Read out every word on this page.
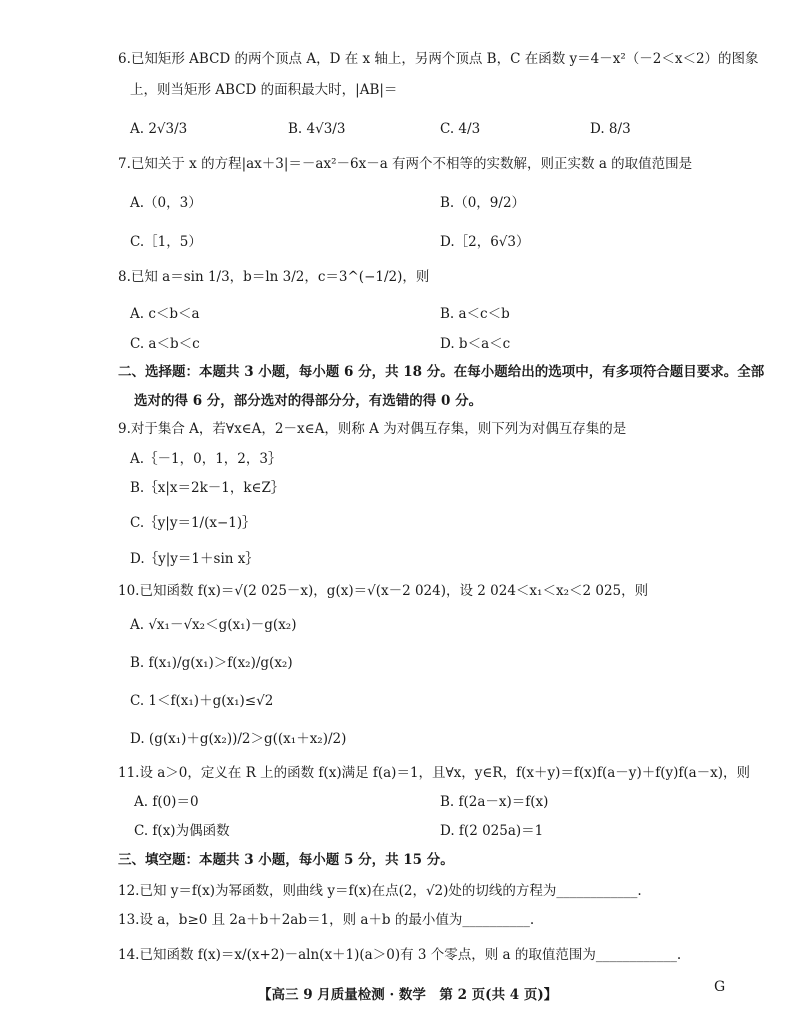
6.已知矩形 ABCD 的两个顶点 A，D 在 x 轴上，另两个顶点 B，C 在函数 y＝4－x²（－2＜x＜2）的图象
上，则当矩形 ABCD 的面积最大时，|AB|＝
A. 2√3/3	B. 4√3/3	C. 4/3	D. 8/3
7.已知关于 x 的方程|ax＋3|＝－ax²－6x－a 有两个不相等的实数解，则正实数 a 的取值范围是
A.（0，3）	B.（0，9/2）
C.［1，5）	D.［2，6√3）
8.已知 a＝sin 1/3，b＝ln 3/2，c＝3^(−1/2)，则
A. c＜b＜a	B. a＜c＜b
C. a＜b＜c	D. b＜a＜c
二、选择题：本题共 3 小题，每小题 6 分，共 18 分。在每小题给出的选项中，有多项符合题目要求。全部
选对的得 6 分，部分选对的得部分分，有选错的得 0 分。
9.对于集合 A，若∀x∈A，2－x∈A，则称 A 为对偶互存集，则下列为对偶互存集的是
A.｛－1，0，1，2，3｝
B.｛x|x＝2k－1，k∈Z｝
C.｛y|y＝1/(x−1)｝
D.｛y|y＝1＋sin x｝
10.已知函数 f(x)＝√(2 025－x)，g(x)＝√(x－2 024)，设 2 024＜x₁＜x₂＜2 025，则
A. √x₁－√x₂＜g(x₁)－g(x₂)
B. f(x₁)/g(x₁)＞f(x₂)/g(x₂)
C. 1＜f(x₁)＋g(x₁)≤√2
D. (g(x₁)＋g(x₂))/2＞g((x₁＋x₂)/2)
11.设 a＞0，定义在 R 上的函数 f(x)满足 f(a)＝1，且∀x，y∈R，f(x＋y)＝f(x)f(a－y)＋f(y)f(a－x)，则
A. f(0)＝0	B. f(2a－x)＝f(x)
C. f(x)为偶函数	D. f(2 025a)＝1
三、填空题：本题共 3 小题，每小题 5 分，共 15 分。
12.已知 y＝f(x)为幂函数，则曲线 y＝f(x)在点(2，√2)处的切线的方程为____________.
13.设 a，b≥0 且 2a＋b＋2ab＝1，则 a＋b 的最小值为__________.
14.已知函数 f(x)＝x/(x+2)－aln(x＋1)(a＞0)有 3 个零点，则 a 的取值范围为____________.
【高三 9 月质量检测 · 数学　第 2 页(共 4 页)】	G
